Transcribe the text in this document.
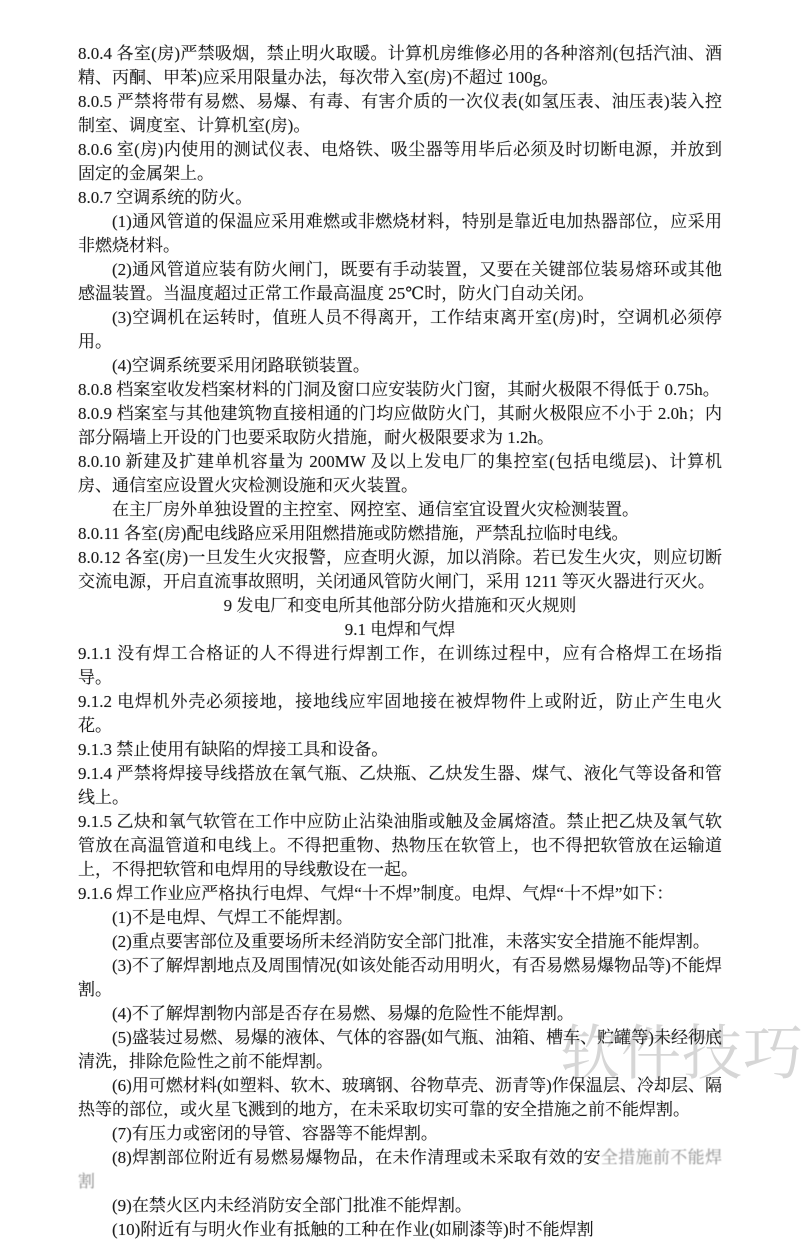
软件技巧

8.0.4 各室(房)严禁吸烟，禁止明火取暖。计算机房维修必用的各种溶剂(包括汽油、酒精、丙酮、甲苯)应采用限量办法，每次带入室(房)不超过 100g。

8.0.5 严禁将带有易燃、易爆、有毒、有害介质的一次仪表(如氢压表、油压表)装入控制室、调度室、计算机室(房)。

8.0.6 室(房)内使用的测试仪表、电烙铁、吸尘器等用毕后必须及时切断电源，并放到固定的金属架上。

8.0.7 空调系统的防火。

(1)通风管道的保温应采用难燃或非燃烧材料，特别是靠近电加热器部位，应采用非燃烧材料。

(2)通风管道应装有防火闸门，既要有手动装置，又要在关键部位装易熔环或其他感温装置。当温度超过正常工作最高温度 25℃时，防火门自动关闭。

(3)空调机在运转时，值班人员不得离开，工作结束离开室(房)时，空调机必须停用。

(4)空调系统要采用闭路联锁装置。

8.0.8 档案室收发档案材料的门洞及窗口应安装防火门窗，其耐火极限不得低于 0.75h。

8.0.9 档案室与其他建筑物直接相通的门均应做防火门，其耐火极限应不小于 2.0h；内部分隔墙上开设的门也要采取防火措施，耐火极限要求为 1.2h。

8.0.10 新建及扩建单机容量为 200MW 及以上发电厂的集控室(包括电缆层)、计算机房、通信室应设置火灾检测设施和灭火装置。

在主厂房外单独设置的主控室、网控室、通信室宜设置火灾检测装置。

8.0.11 各室(房)配电线路应采用阻燃措施或防燃措施，严禁乱拉临时电线。

8.0.12 各室(房)一旦发生火灾报警，应查明火源，加以消除。若已发生火灾，则应切断交流电源，开启直流事故照明，关闭通风管防火闸门，采用 1211 等灭火器进行灭火。

9 发电厂和变电所其他部分防火措施和灭火规则

9.1 电焊和气焊

9.1.1 没有焊工合格证的人不得进行焊割工作，在训练过程中，应有合格焊工在场指导。

9.1.2 电焊机外壳必须接地，接地线应牢固地接在被焊物件上或附近，防止产生电火花。

9.1.3 禁止使用有缺陷的焊接工具和设备。

9.1.4 严禁将焊接导线搭放在氧气瓶、乙炔瓶、乙炔发生器、煤气、液化气等设备和管线上。

9.1.5 乙炔和氧气软管在工作中应防止沾染油脂或触及金属熔渣。禁止把乙炔及氧气软管放在高温管道和电线上。不得把重物、热物压在软管上，也不得把软管放在运输道上，不得把软管和电焊用的导线敷设在一起。

9.1.6 焊工作业应严格执行电焊、气焊“十不焊”制度。电焊、气焊“十不焊”如下：

(1)不是电焊、气焊工不能焊割。

(2)重点要害部位及重要场所未经消防安全部门批准，未落实安全措施不能焊割。

(3)不了解焊割地点及周围情况(如该处能否动用明火，有否易燃易爆物品等)不能焊割。

(4)不了解焊割物内部是否存在易燃、易爆的危险性不能焊割。

(5)盛装过易燃、易爆的液体、气体的容器(如气瓶、油箱、槽车、贮罐等)未经彻底清洗，排除危险性之前不能焊割。

(6)用可燃材料(如塑料、软木、玻璃钢、谷物草壳、沥青等)作保温层、冷却层、隔热等的部位，或火星飞溅到的地方，在未采取切实可靠的安全措施之前不能焊割。

(7)有压力或密闭的导管、容器等不能焊割。

(8)焊割部位附近有易燃易爆物品，在未作清理或未采取有效的安全措施前不能焊割

(9)在禁火区内未经消防安全部门批准不能焊割。

(10)附近有与明火作业有抵触的工种在作业(如刷漆等)时不能焊割
